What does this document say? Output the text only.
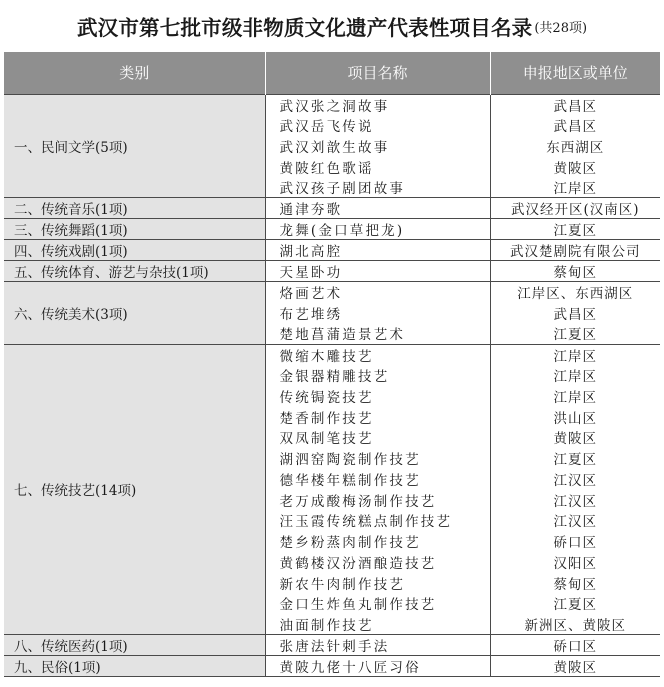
武汉市第七批市级非物质文化遗产代表性项目名录 (共28项)
类别	项目名称	申报地区或单位
一、民间文学(5项)	武汉张之洞故事	武昌区
	武汉岳飞传说	武昌区
	武汉刘歆生故事	东西湖区
	黄陂红色歌谣	黄陂区
	武汉孩子剧团故事	江岸区
二、传统音乐(1项)	通津夯歌	武汉经开区(汉南区)
三、传统舞蹈(1项)	龙舞(金口草把龙)	江夏区
四、传统戏剧(1项)	湖北高腔	武汉楚剧院有限公司
五、传统体育、游艺与杂技(1项)	天星卧功	蔡甸区
六、传统美术(3项)	烙画艺术	江岸区、东西湖区
	布艺堆绣	武昌区
	楚地菖蒲造景艺术	江夏区
七、传统技艺(14项)	微缩木雕技艺	江岸区
	金银器精雕技艺	江岸区
	传统锔瓷技艺	江岸区
	楚香制作技艺	洪山区
	双凤制笔技艺	黄陂区
	湖泗窑陶瓷制作技艺	江夏区
	德华楼年糕制作技艺	江汉区
	老万成酸梅汤制作技艺	江汉区
	汪玉霞传统糕点制作技艺	江汉区
	楚乡粉蒸肉制作技艺	硚口区
	黄鹤楼汉汾酒酿造技艺	汉阳区
	新农牛肉制作技艺	蔡甸区
	金口生炸鱼丸制作技艺	江夏区
	油面制作技艺	新洲区、黄陂区
八、传统医药(1项)	张唐法针刺手法	硚口区
九、民俗(1项)	黄陂九佬十八匠习俗	黄陂区
